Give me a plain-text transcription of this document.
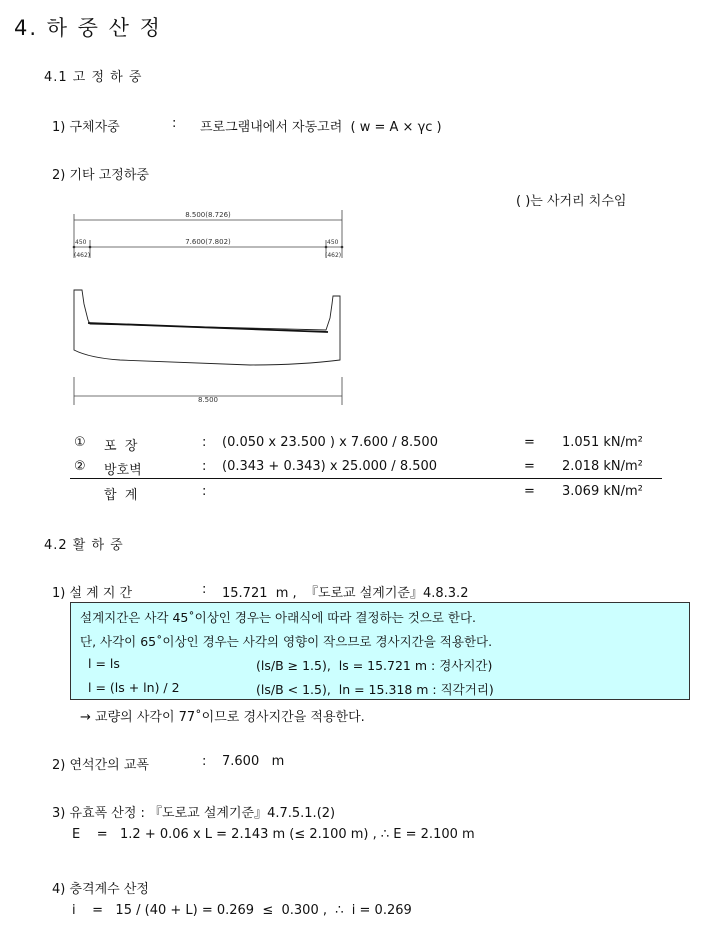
4. 하 중 산 정
4.1 고 정 하 중
1) 구체자중	: 프로그램내에서 자동고려  ( w = A × γc )
2) 기타 고정하중
( )는 사거리 치수임
8.500(8.726)
7.600(7.802)
450
(462)
450
(462)
8.500
① 포  장	: (0.050 x 23.500 ) x 7.600 / 8.500	= 1.051 kN/m²
② 방호벽	: (0.343 + 0.343) x 25.000 / 8.500	= 2.018 kN/m²
합  계	:	= 3.069 kN/m²
4.2 활 하 중
1) 설 계 지 간	: 15.721  m ,  『도로교 설계기준』4.8.3.2
설계지간은 사각 45˚이상인 경우는 아래식에 따라 결정하는 것으로 한다.
단, 사각이 65˚이상인 경우는 사각의 영향이 작으므로 경사지간을 적용한다.
l = ls	(ls/B ≥ 1.5),  ls = 15.721 m : 경사지간)
l = (ls + ln) / 2	(ls/B < 1.5),  ln = 15.318 m : 직각거리)
→ 교량의 사각이 77˚이므로 경사지간을 적용한다.
2) 연석간의 교폭	: 7.600   m
3) 유효폭 산정 : 『도로교 설계기준』4.7.5.1.(2)
E    =   1.2 + 0.06 x L = 2.143 m (≤ 2.100 m) , ∴ E = 2.100 m
4) 충격계수 산정
i    =   15 / (40 + L) = 0.269  ≤  0.300 ,  ∴  i = 0.269
